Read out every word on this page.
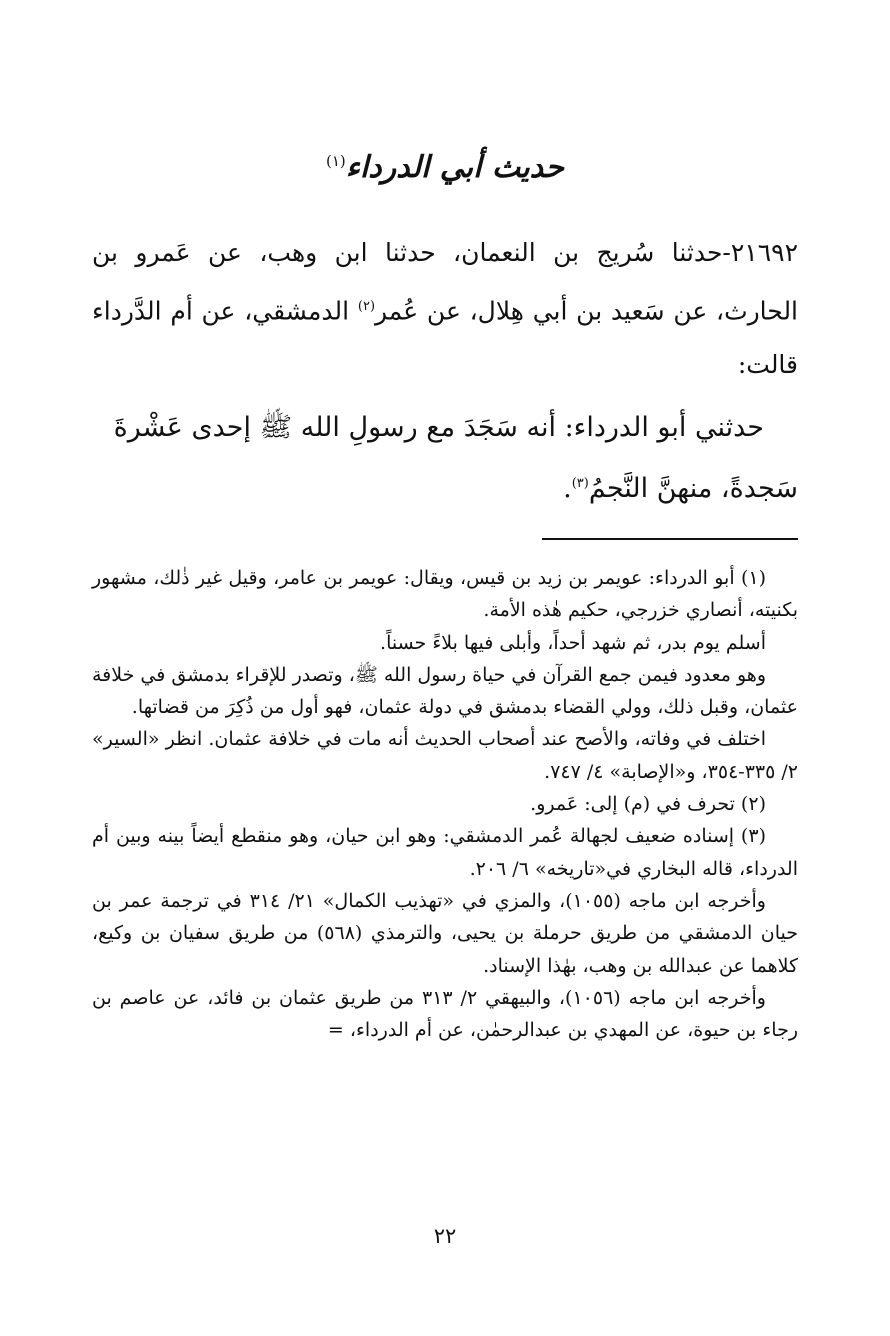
حديث أبي الدرداء$^{(١)}$

٢١٦٩٢-حدثنا سُريج بن النعمان، حدثنا ابن وهب، عن عَمرو بن الحارث، عن سَعيد بن أبي هِلال، عن عُمر$^{(٢)}$ الدمشقي، عن أم الدَّرداء قالت:

حدثني أبو الدرداء: أنه سَجَدَ مع رسولِ الله ﷺ إحدى عَشْرةَ
سَجدةً، منهنَّ النَّجمُ$^{(٣)}$.

(١) أبو الدرداء: عويمر بن زيد بن قيس، ويقال: عويمر بن عامر، وقيل غير ذٰلك، مشهور بكنيته، أنصاري خزرجي، حكيم هٰذه الأمة.

أسلم يوم بدر، ثم شهد أحداً، وأبلى فيها بلاءً حسناً.

وهو معدود فيمن جمع القرآن في حياة رسول الله ﷺ، وتصدر للإقراء بدمشق في خلافة عثمان، وقبل ذلك، وولي القضاء بدمشق في دولة عثمان، فهو أول من ذُكِرَ من قضاتها.

اختلف في وفاته، والأصح عند أصحاب الحديث أنه مات في خلافة عثمان. انظر «السير» ٢/ ٣٣٥-٣٥٤، و«الإصابة» ٤/ ٧٤٧.

(٢) تحرف في (م) إلى: عَمرو.

(٣) إسناده ضعيف لجهالة عُمر الدمشقي: وهو ابن حيان، وهو منقطع أيضاً بينه وبين أم الدرداء، قاله البخاري في«تاريخه» ٦/ ٢٠٦.

وأخرجه ابن ماجه (١٠٥٥)، والمزي في «تهذيب الكمال» ٢١/ ٣١٤ في ترجمة عمر بن حيان الدمشقي من طريق حرملة بن يحيى، والترمذي (٥٦٨) من طريق سفيان بن وكيع، كلاهما عن عبدالله بن وهب، بهٰذا الإسناد.

وأخرجه ابن ماجه (١٠٥٦)، والبيهقي ٢/ ٣١٣ من طريق عثمان بن فائد، عن عاصم بن رجاء بن حيوة، عن المهدي بن عبدالرحمٰن، عن أم الدرداء، =

٢٢
